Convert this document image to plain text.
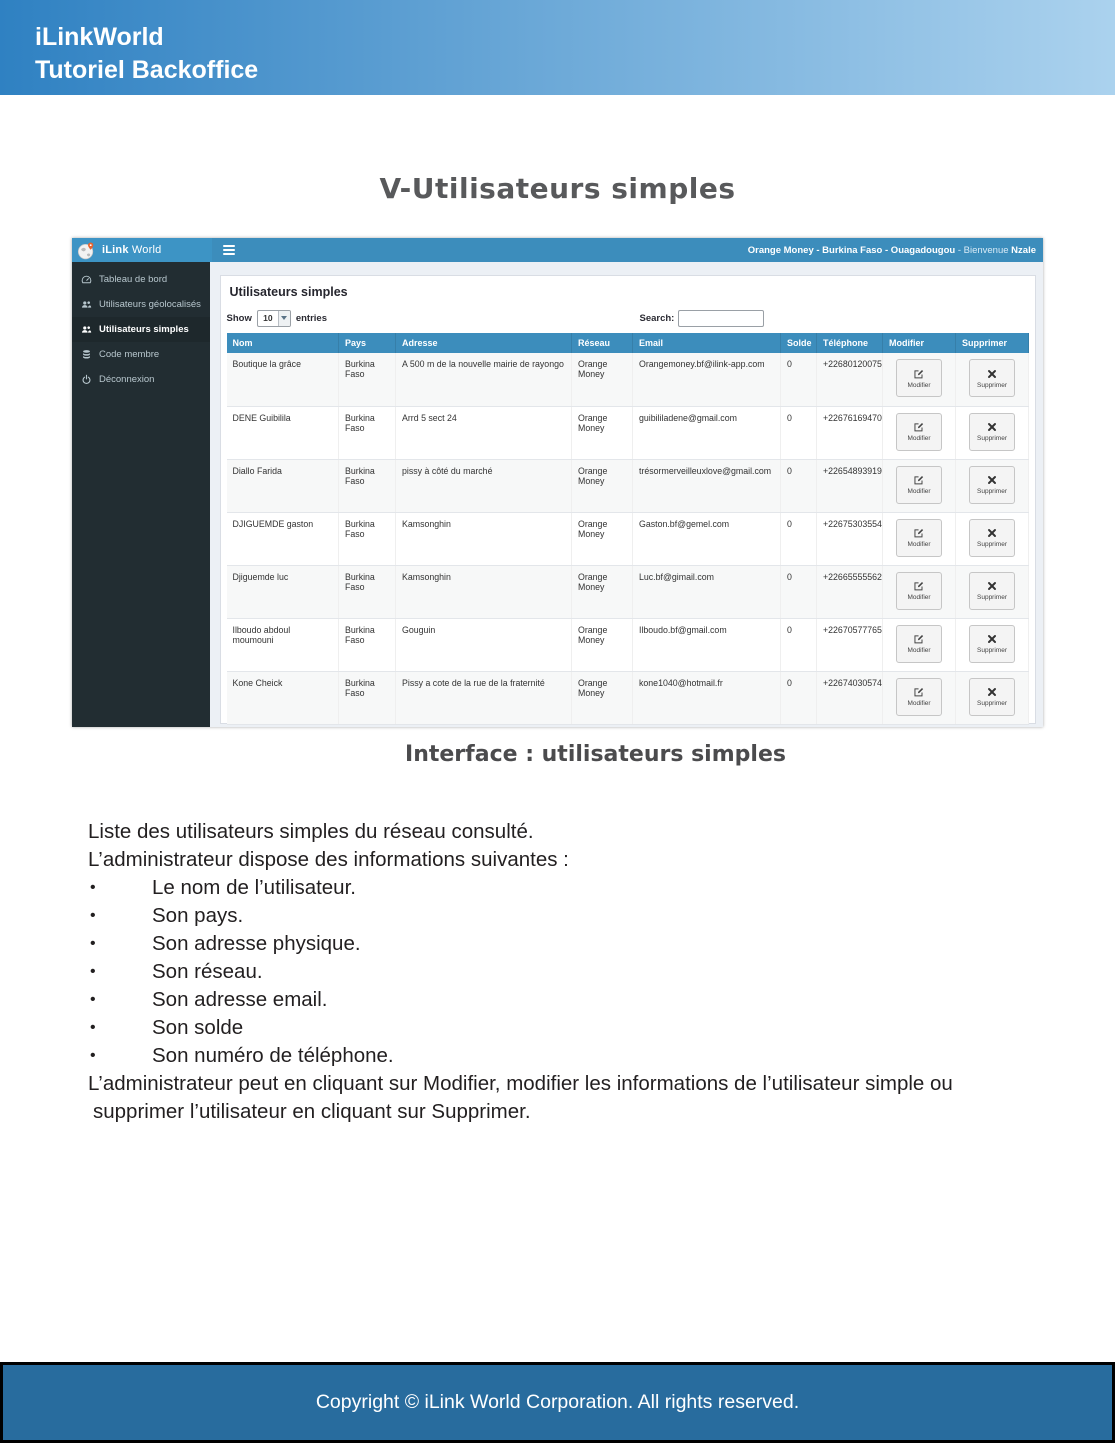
iLinkWorld
Tutoriel Backoffice
V-Utilisateurs simples
iLink World	Orange Money - Burkina Faso - Ouagadougou - Bienvenue Nzale
Tableau de bord
Utilisateurs géolocalisés
Utilisateurs simples
Code membre
Déconnexion
Utilisateurs simples
Show	10	entries	Search:
Nom	Pays	Adresse	Réseau	Email	Solde	Téléphone	Modifier	Supprimer
Boutique la grâce	Burkina Faso	A 500 m de la nouvelle mairie de rayongo	Orange Money	Orangemoney.bf@ilink-app.com	0	+22680120075	Modifier	Supprimer

DENE Guibilila	Burkina Faso	Arrd 5 sect 24	Orange Money	guibililadene@gmail.com	0	+22676169470	Modifier	Supprimer

Diallo Farida	Burkina Faso	pissy à côté du marché	Orange Money	trésormerveilleuxlove@gmail.com	0	+22654893919	Modifier	Supprimer

DJIGUEMDE gaston	Burkina Faso	Kamsonghin	Orange Money	Gaston.bf@gemel.com	0	+22675303554	Modifier	Supprimer

Djiguemde luc	Burkina Faso	Kamsonghin	Orange Money	Luc.bf@gimail.com	0	+22665555562	Modifier	Supprimer

Ilboudo abdoul moumouni	Burkina Faso	Gouguin	Orange Money	Ilboudo.bf@gmail.com	0	+22670577765	Modifier	Supprimer

Kone Cheick	Burkina Faso	Pissy a cote de la rue de la fraternité	Orange Money	kone1040@hotmail.fr	0	+22674030574	Modifier	Supprimer
Interface : utilisateurs simples
Liste des utilisateurs simples du réseau consulté.
L’administrateur dispose des informations suivantes :
•	Le nom de l’utilisateur.
•	Son pays.
•	Son adresse physique.
•	Son réseau.
•	Son adresse email.
•	Son solde
•	Son numéro de téléphone.
L’administrateur peut en cliquant sur Modifier, modifier les informations de l’utilisateur simple ou
supprimer l’utilisateur en cliquant sur Supprimer.
Copyright © iLink World Corporation. All rights reserved.
